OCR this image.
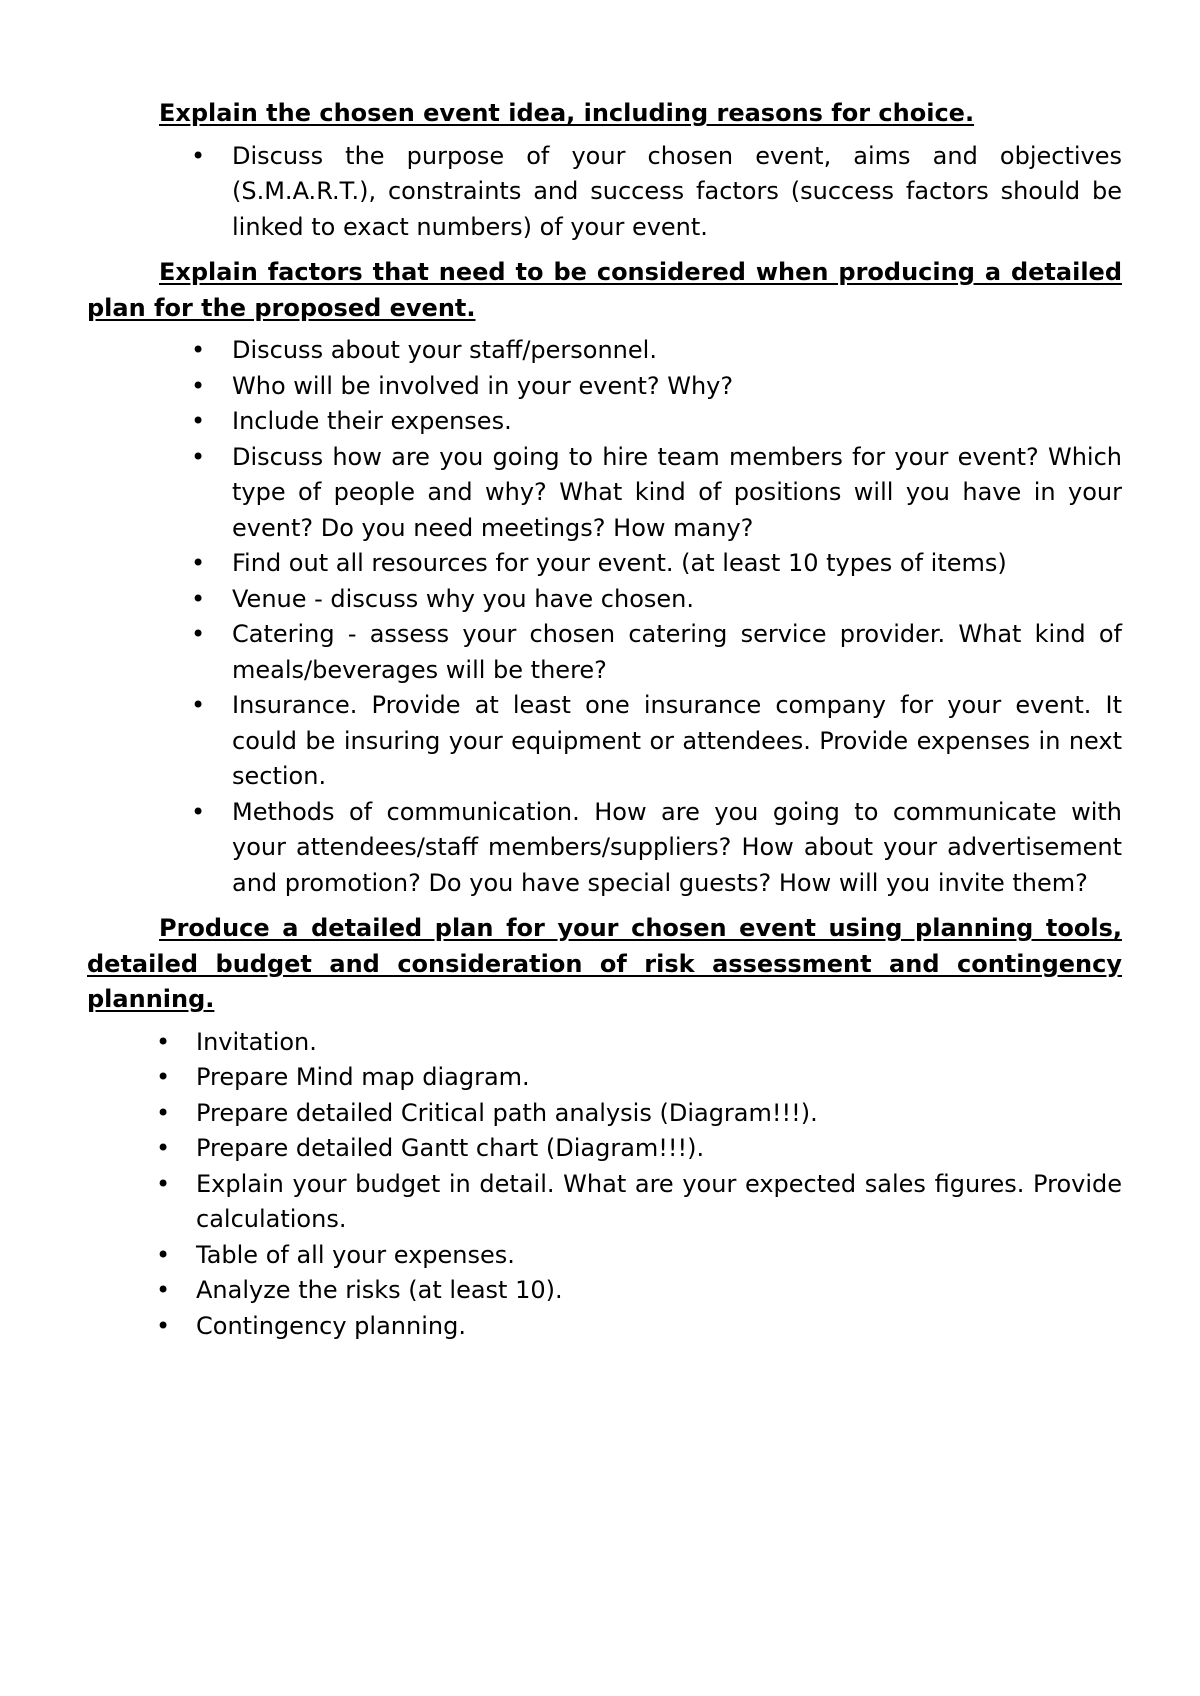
Explain the chosen event idea, including reasons for choice.

• Discuss the purpose of your chosen event, aims and objectives (S.M.A.R.T.), constraints and success factors (success factors should be linked to exact numbers) of your event.

Explain factors that need to be considered when producing a detailed plan for the proposed event.

• Discuss about your staff/personnel.
• Who will be involved in your event? Why?
• Include their expenses.
• Discuss how are you going to hire team members for your event? Which type of people and why? What kind of positions will you have in your event? Do you need meetings? How many?
• Find out all resources for your event. (at least 10 types of items)
• Venue - discuss why you have chosen.
• Catering - assess your chosen catering service provider. What kind of meals/beverages will be there?
• Insurance. Provide at least one insurance company for your event. It could be insuring your equipment or attendees. Provide expenses in next section.
• Methods of communication. How are you going to communicate with your attendees/staff members/suppliers? How about your advertisement and promotion? Do you have special guests? How will you invite them?

Produce a detailed plan for your chosen event using planning tools, detailed budget and consideration of risk assessment and contingency planning.

• Invitation.
• Prepare Mind map diagram.
• Prepare detailed Critical path analysis (Diagram!!!).
• Prepare detailed Gantt chart (Diagram!!!).
• Explain your budget in detail. What are your expected sales figures. Provide calculations.
• Table of all your expenses.
• Analyze the risks (at least 10).
• Contingency planning.
